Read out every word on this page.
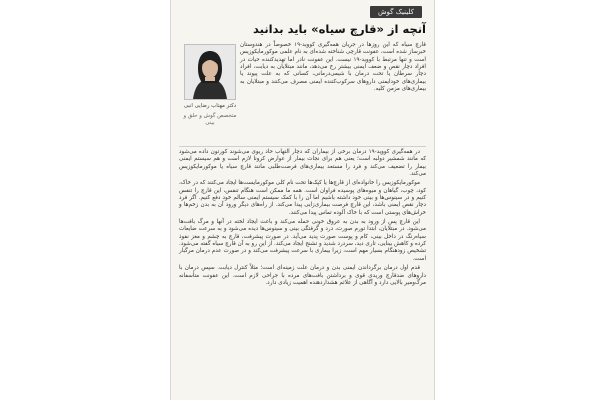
کلینیک گوش
آنچه از «قارچ سیاه» باید بدانید

قارچ سیاه که این روزها در جریان همه‌گیری کووید-۱۹ خصوصاً در هندوستان خبرساز شده است، عفونت قارچی شناخته شده‌ای به نام علمی موکورمایکوزیس است و تنها مرتبط با کووید-۱۹ نیست. این عفونت نادر اما تهدیدکننده حیات در افراد دچار نقص و ضعف ایمنی بیشتر رخ می‌دهد، مانند مبتلایان به دیابت، افراد دچار سرطان یا تحت درمان با شیمی‌درمانی، کسانی که به علت پیوند یا بیماری‌های خودایمنی داروهای سرکوب‌کننده ایمنی مصرف می‌کنند و مبتلایان به بیماری‌های مزمن کلیه.

دکتر مهتاب رضایی انبی
متخصص گوش و حلق و بینی

در همه‌گیری کووید-۱۹ درمان برخی از بیماران که دچار التهاب حاد ریوی می‌شوند کورتون داده می‌شود که مانند شمشیر دولبه است؛ یعنی هم برای نجات بیمار از عوارض کرونا لازم است و هم سیستم ایمنی بیمار را تضعیف می‌کند و فرد را مستعد بیماری‌های فرصت‌طلبی مانند قارچ سیاه یا موکورمایکوزیس می‌کند.

موکورمایکوزیس را خانواده‌ای از قارچ‌ها یا کپک‌ها تحت نام کلی موکورمایست‌ها ایجاد می‌کنند که در خاک، کود، چوب، گیاهان و میوه‌های پوسیده فراوان است. همه ما ممکن است هنگام تنفس، این قارچ را تنفس کنیم و در سینوس‌ها و بینی خود داشته باشیم اما آن را با کمک سیستم ایمنی سالم خود دفع کنیم. اگر فرد دچار نقص ایمنی باشد، این قارچ فرصت بیماری‌زایی پیدا می‌کند. از راه‌های دیگر ورود آن به بدن زخم‌ها و خراش‌های پوستی است که با خاک آلوده تماس پیدا می‌کنند.

این قارچ پس از ورود به بدن به عروق خونی حمله می‌کند و باعث ایجاد لخته در آنها و مرگ بافت‌ها می‌شود. در مبتلایان، ابتدا تورم صورت، درد و گرفتگی بینی و سینوس‌ها دیده می‌شود و به سرعت ضایعات سیاه‌رنگ در داخل بینی، کام و پوست صورت پدید می‌آید. در صورت پیشرفت، قارچ به چشم و مغز نفوذ کرده و کاهش بینایی، تاری دید، سردرد شدید و تشنج ایجاد می‌کند. از این رو به آن قارچ سیاه گفته می‌شود. تشخیص زودهنگام بسیار مهم است، زیرا بیماری با سرعت پیشرفت می‌کند و در صورت عدم درمان مرگبار است.

قدم اول درمان برگرداندن ایمنی بدن و درمان علت زمینه‌ای است؛ مثلاً کنترل دیابت. سپس درمان با داروهای ضدقارچ وریدی قوی و برداشتن بافت‌های مرده با جراحی لازم است. این عفونت متأسفانه مرگ‌ومیر بالایی دارد و آگاهی از علائم هشداردهنده اهمیت زیادی دارد.
